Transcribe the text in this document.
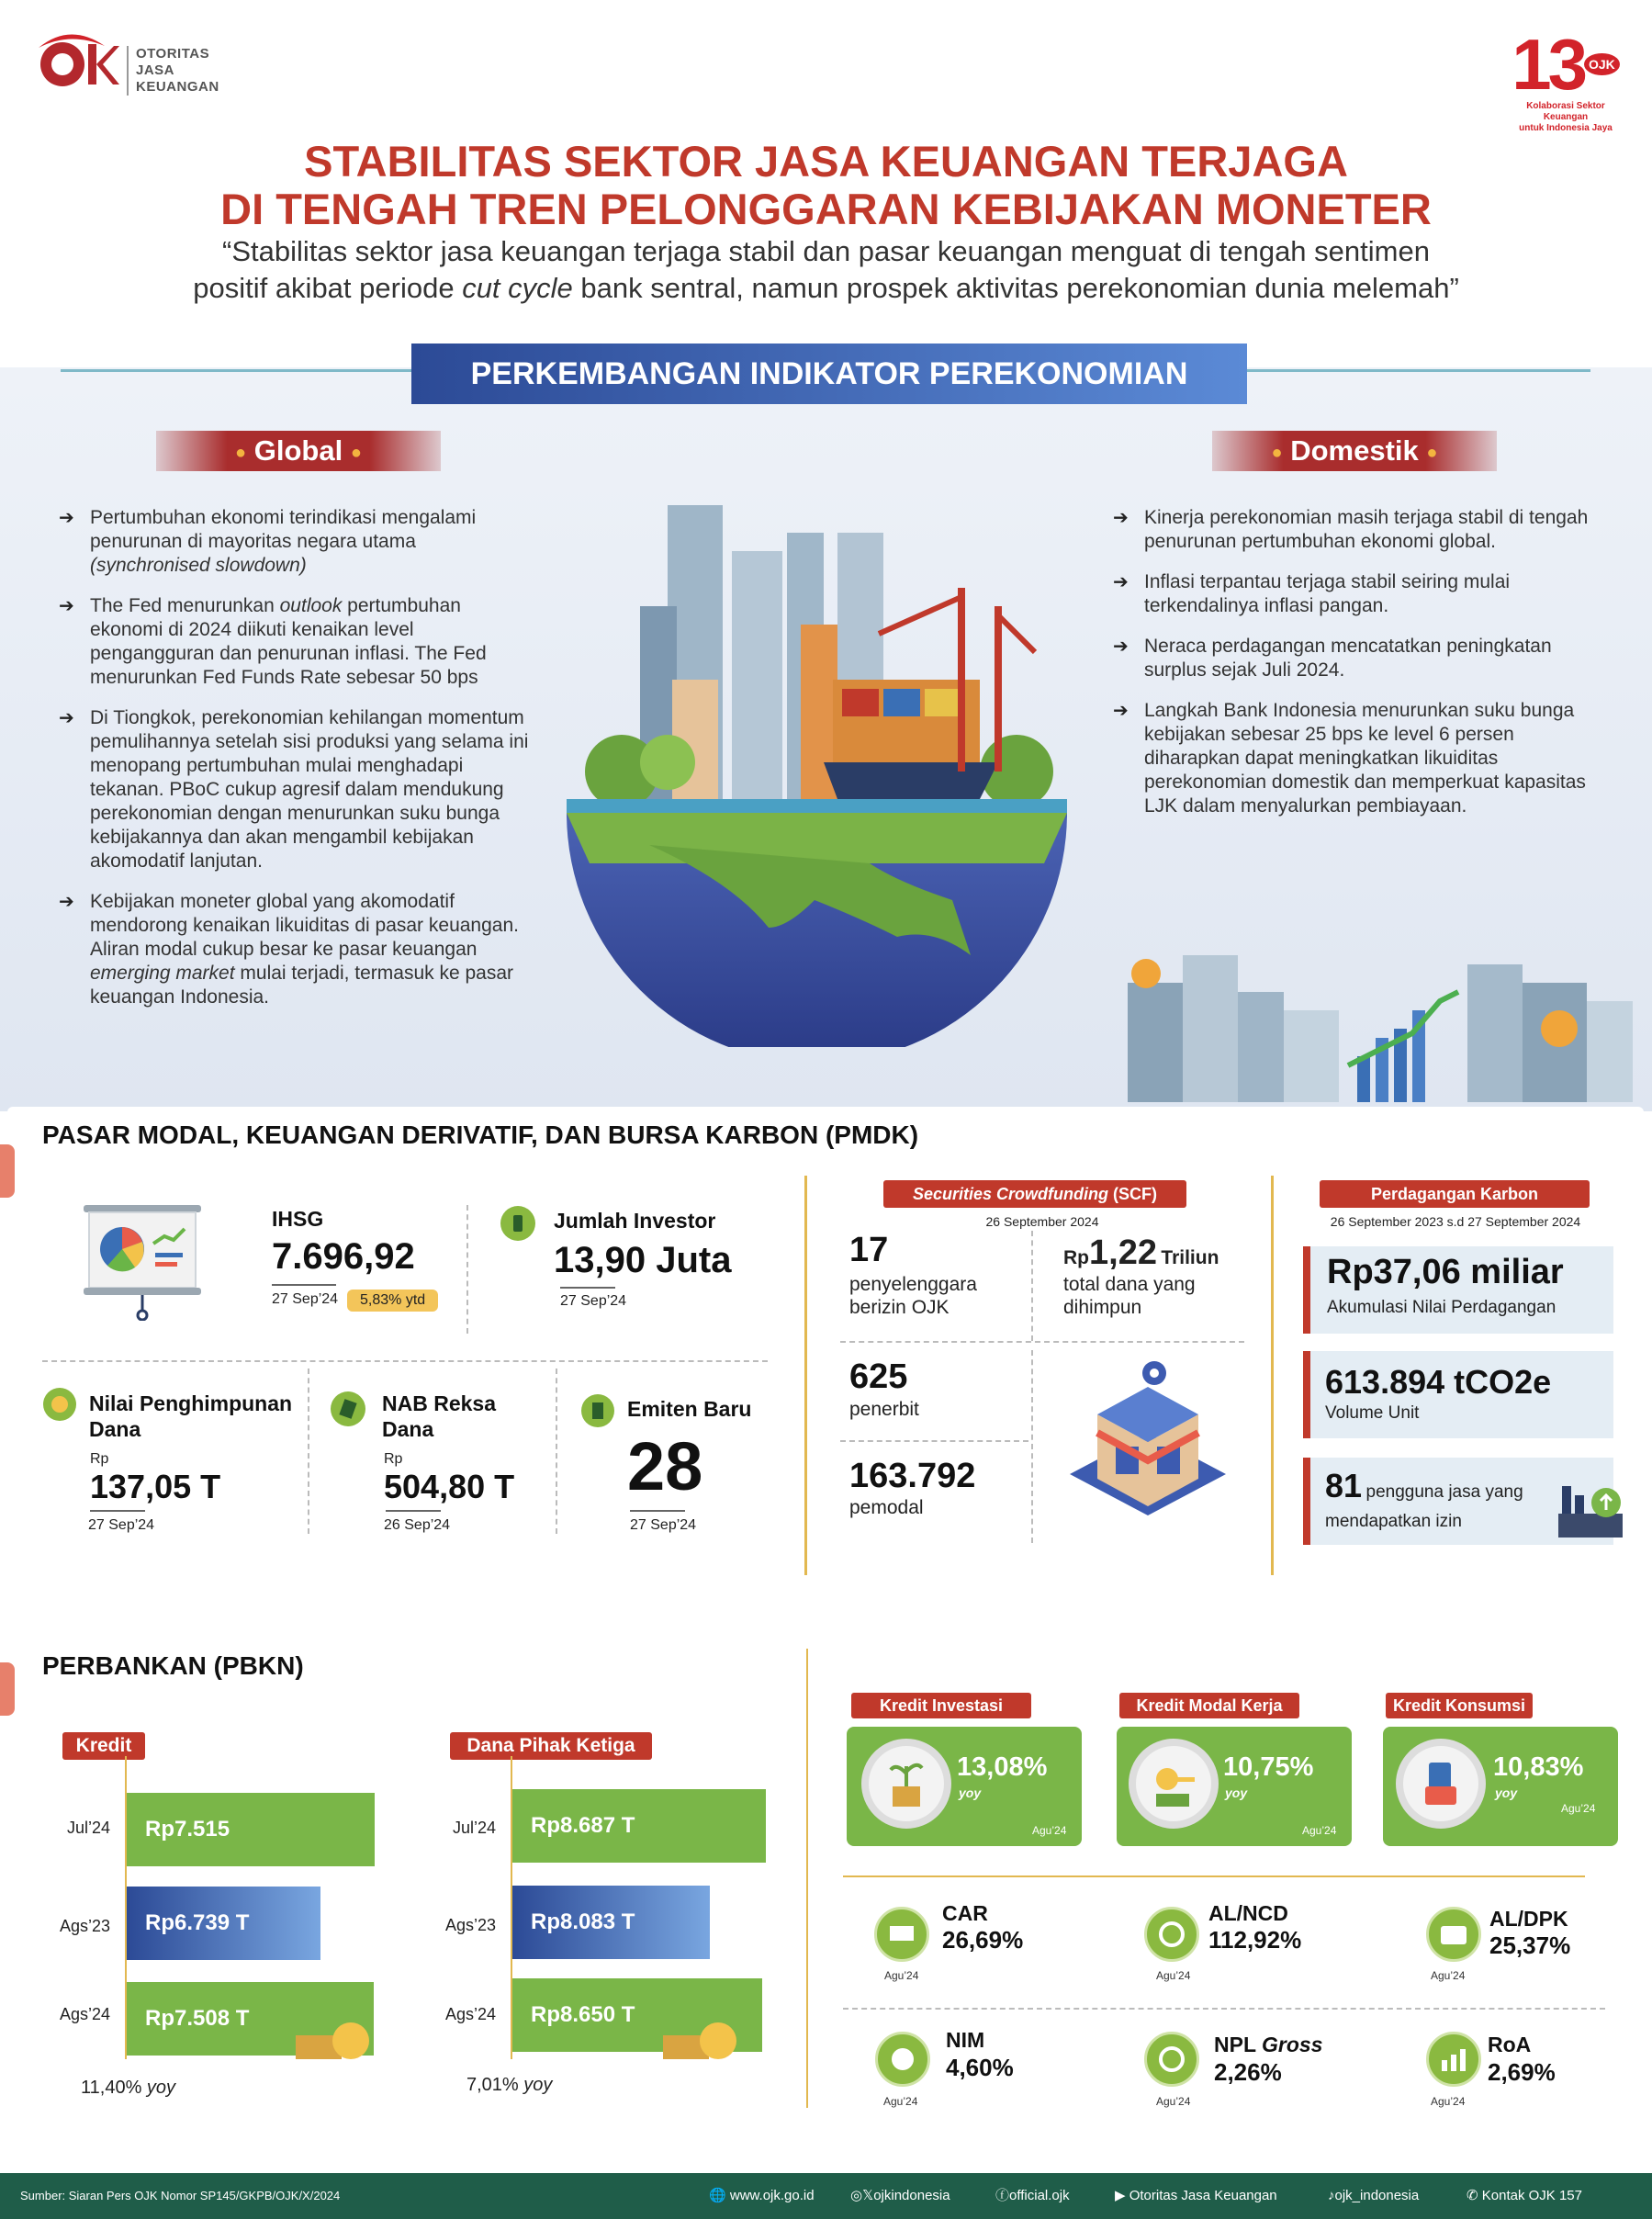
OTORITAS
JASA
KEUANGAN	13 $^{OJK}$
Kolaborasi Sektor Keuangan
untuk Indonesia Jaya
STABILITAS SEKTOR JASA KEUANGAN TERJAGA
DI TENGAH TREN PELONGGARAN KEBIJAKAN MONETER
“Stabilitas sektor jasa keuangan terjaga stabil dan pasar keuangan menguat di tengah sentimen
positif akibat periode cut cycle bank sentral, namun prospek aktivitas perekonomian dunia melemah”
PERKEMBANGAN INDIKATOR PEREKONOMIAN
● Global ●	● Domestik ●
➔ Pertumbuhan ekonomi terindikasi mengalami penurunan di mayoritas negara utama (synchronised slowdown)
➔ The Fed menurunkan outlook pertumbuhan ekonomi di 2024 diikuti kenaikan level pengangguran dan penurunan inflasi. The Fed menurunkan Fed Funds Rate sebesar 50 bps
➔ Di Tiongkok, perekonomian kehilangan momentum pemulihannya setelah sisi produksi yang selama ini menopang pertumbuhan mulai menghadapi tekanan. PBoC cukup agresif dalam mendukung perekonomian dengan menurunkan suku bunga kebijakannya dan akan mengambil kebijakan akomodatif lanjutan.
➔ Kebijakan moneter global yang akomodatif mendorong kenaikan likuiditas di pasar keuangan. Aliran modal cukup besar ke pasar keuangan emerging market mulai terjadi, termasuk ke pasar keuangan Indonesia.
➔ Kinerja perekonomian masih terjaga stabil di tengah penurunan pertumbuhan ekonomi global.
➔ Inflasi terpantau terjaga stabil seiring mulai terkendalinya inflasi pangan.
➔ Neraca perdagangan mencatatkan peningkatan surplus sejak Juli 2024.
➔ Langkah Bank Indonesia menurunkan suku bunga kebijakan sebesar 25 bps ke level 6 persen diharapkan dapat meningkatkan likuiditas perekonomian domestik dan memperkuat kapasitas LJK dalam menyalurkan pembiayaan.
PASAR MODAL, KEUANGAN DERIVATIF, DAN BURSA KARBON (PMDK)
IHSG
7.696,92
27 Sep’24	5,83% ytd
Jumlah Investor
13,90 Juta
27 Sep’24
Nilai Penghimpunan Dana
Rp
137,05 T
27 Sep’24
NAB Reksa Dana
Rp
504,80 T
26 Sep’24
Emiten Baru
28
27 Sep’24
Securities Crowdfunding (SCF)
26 September 2024
17
penyelenggara berizin OJK
Rp1,22 Triliun
total dana yang dihimpun
625
penerbit
163.792
pemodal
Perdagangan Karbon
26 September 2023 s.d 27 September 2024
Rp37,06 miliar
Akumulasi Nilai Perdagangan
613.894 tCO2e
Volume Unit
81 pengguna jasa yang
mendapatkan izin
PERBANKAN (PBKN)
Kredit	Dana Pihak Ketiga
Jul’24	Rp7.515
Ags’23	Rp6.739 T
Ags’24	Rp7.508 T
11,40% yoy
Jul’24	Rp8.687 T
Ags’23	Rp8.083 T
Ags’24	Rp8.650 T
7,01% yoy
Kredit Investasi	Kredit Modal Kerja	Kredit Konsumsi
13,08%
yoy
Agu’24
10,75%
yoy
Agu’24
10,83%
yoy
Agu’24
CAR
26,69%
Agu’24
AL/NCD
112,92%
Agu’24
AL/DPK
25,37%
Agu’24
NIM
4,60%
Agu’24
NPL Gross
2,26%
Agu’24
RoA
2,69%
Agu’24
Sumber: Siaran Pers OJK Nomor SP145/GKPB/OJK/X/2024	🌐 www.ojk.go.id	◎𝕏ojkindonesia	ⓕofficial.ojk	▶ Otoritas Jasa Keuangan	♪ojk_indonesia	✆ Kontak OJK 157
